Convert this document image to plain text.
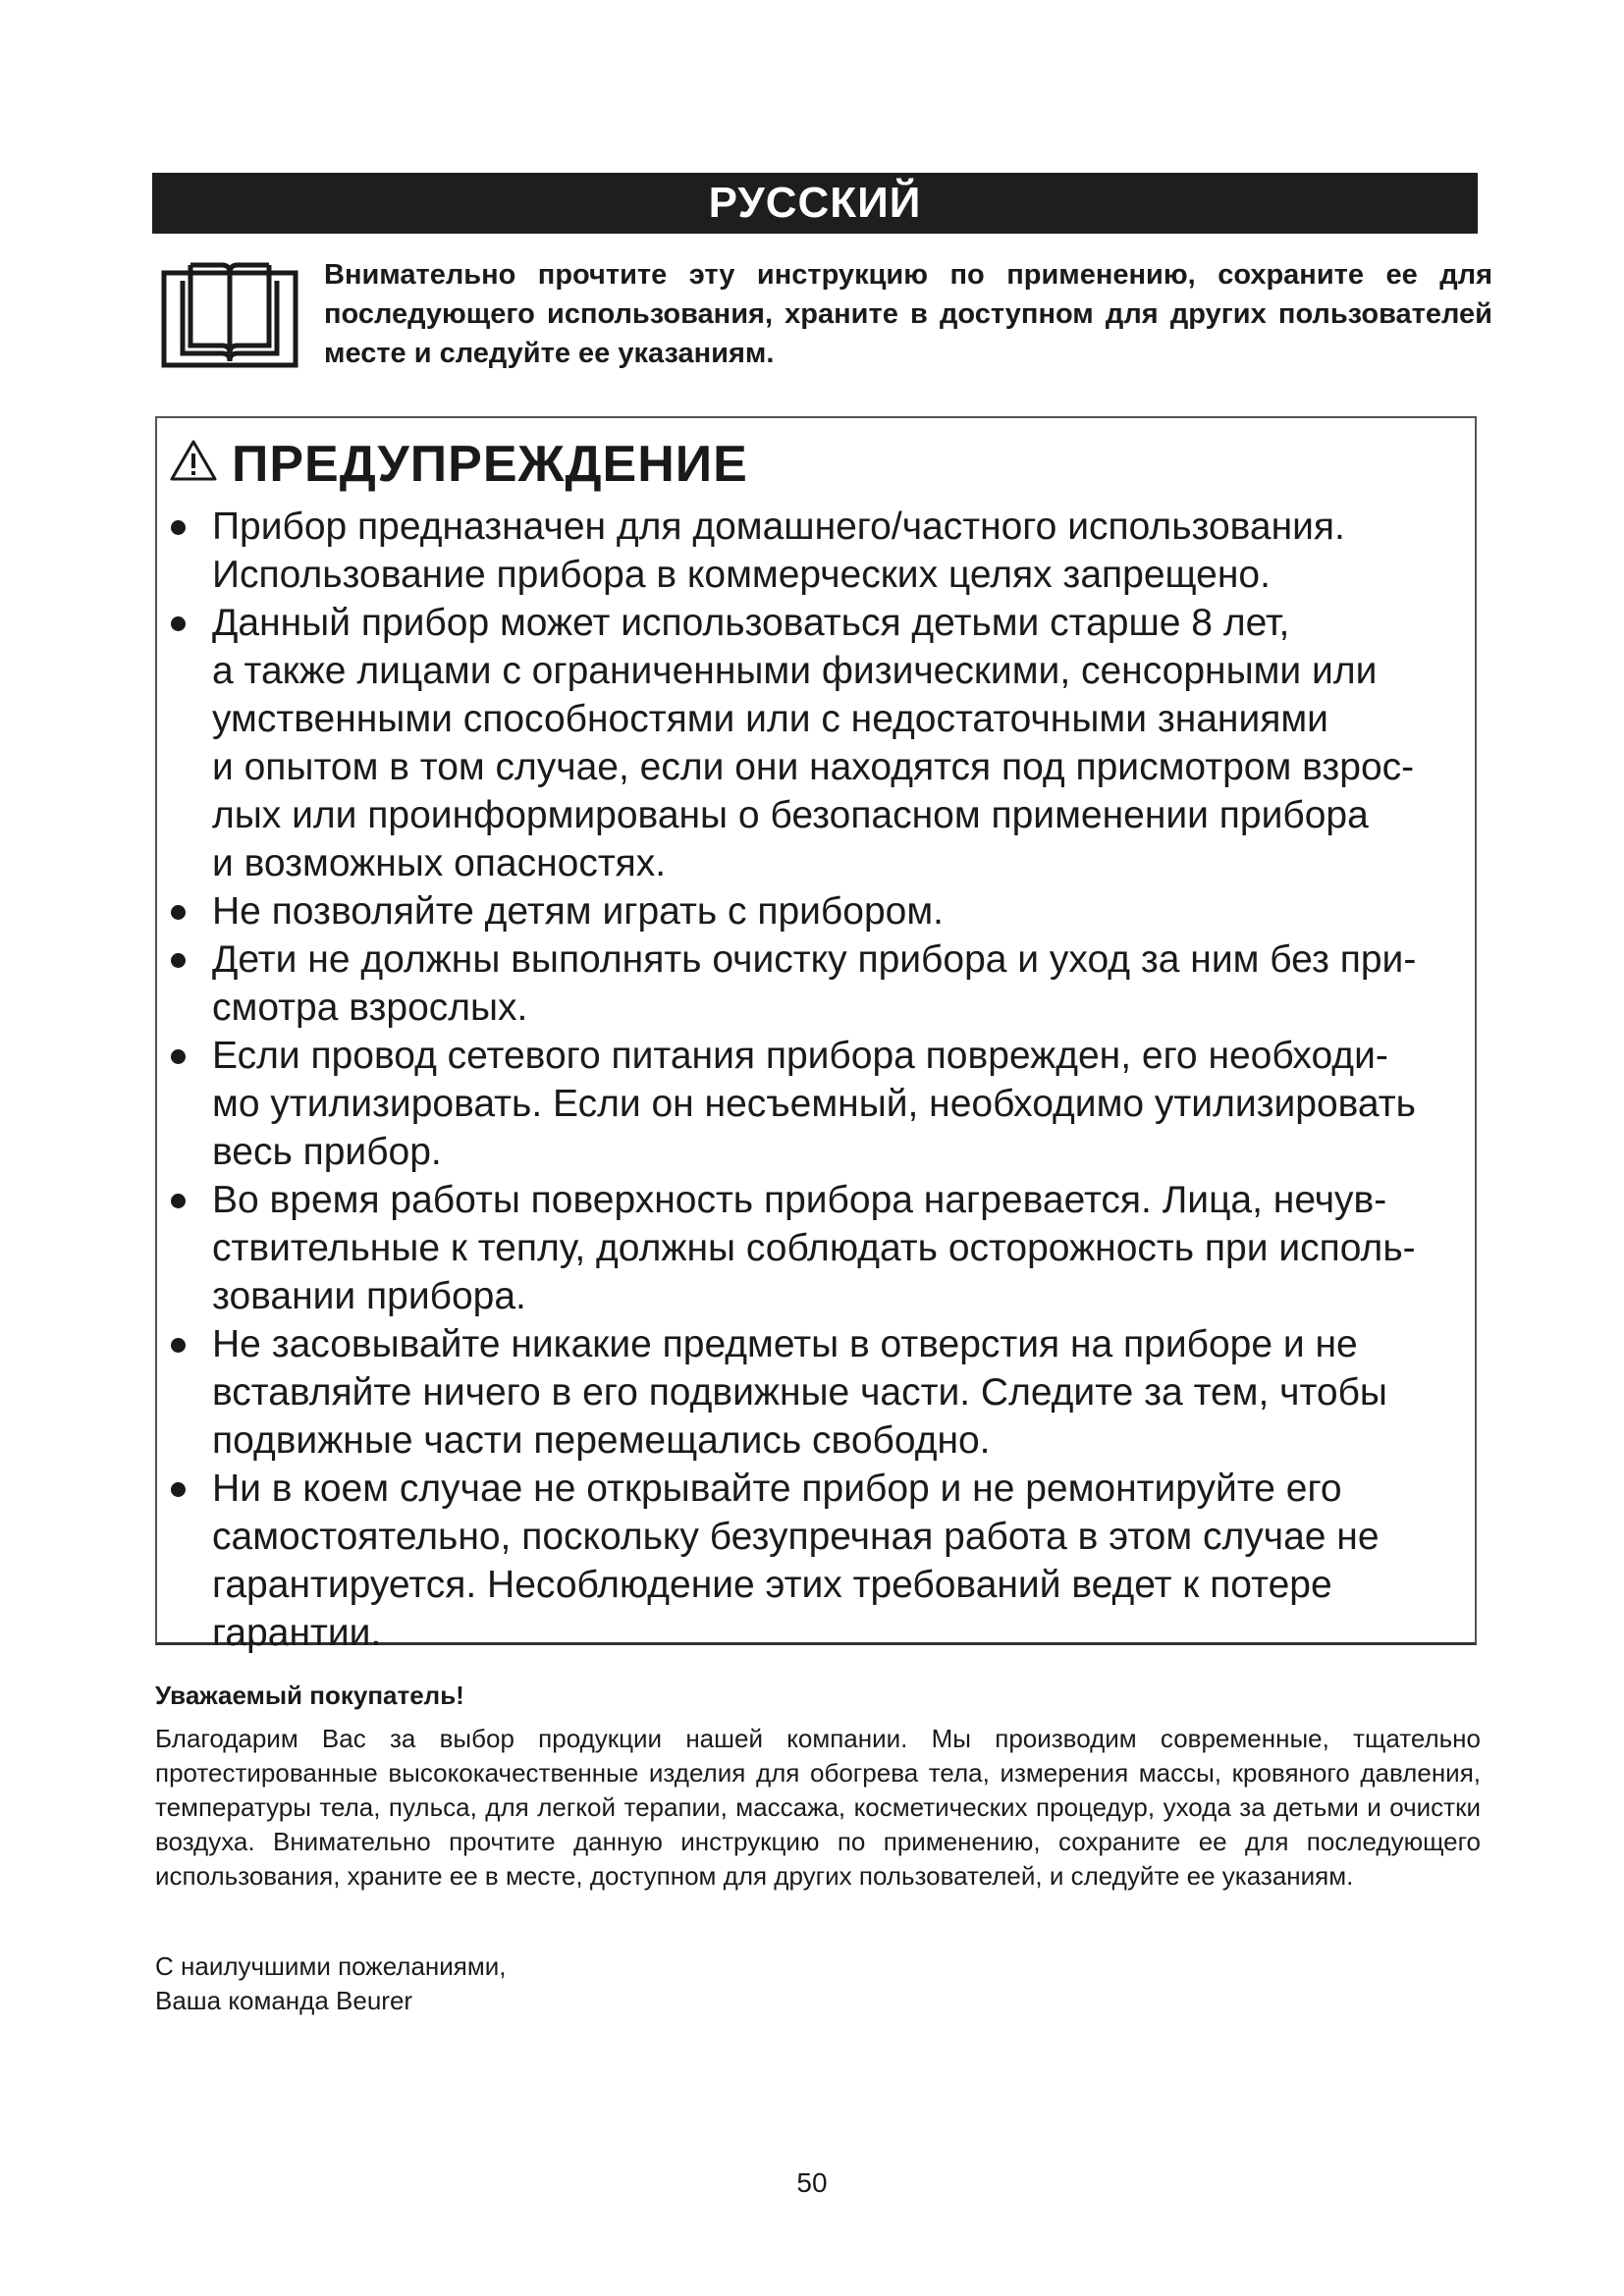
РУССКИЙ
Внимательно прочтите эту инструкцию по применению, сохраните ее для последующего использования, храните в доступном для других пользователей месте и следуйте ее указаниям.
ПРЕДУПРЕЖДЕНИЕ
Прибор предназначен для домашнего/частного использования.
Использование прибора в коммерческих целях запрещено.
Данный прибор может использоваться детьми старше 8 лет,
а также лицами с ограниченными физическими, сенсорными или
умственными способностями или с недостаточными знаниями
и опытом в том случае, если они находятся под присмотром взрос-
лых или проинформированы о безопасном применении прибора
и возможных опасностях.
Не позволяйте детям играть с прибором.
Дети не должны выполнять очистку прибора и уход за ним без при-
смотра взрослых.
Если провод сетевого питания прибора поврежден, его необходи-
мо утилизировать. Если он несъемный, необходимо утилизировать
весь прибор.
Во время работы поверхность прибора нагревается. Лица, нечув-
ствительные к теплу, должны соблюдать осторожность при исполь-
зовании прибора.
Не засовывайте никакие предметы в отверстия на приборе и не
вставляйте ничего в его подвижные части. Следите за тем, чтобы
подвижные части перемещались свободно.
Ни в коем случае не открывайте прибор и не ремонтируйте его
самостоятельно, поскольку безупречная работа в этом случае не
гарантируется. Несоблюдение этих требований ведет к потере
гарантии.
Уважаемый покупатель!
Благодарим Вас за выбор продукции нашей компании. Мы производим современные, тщательно протестированные высококачественные изделия для обогрева тела, измерения массы, кровяного давления, температуры тела, пульса, для легкой терапии, массажа, косметических процедур, ухода за детьми и очистки воздуха. Внимательно прочтите данную инструкцию по применению, сохраните ее для последующего использования, храните ее в месте, доступном для других пользователей, и следуйте ее указаниям.
С наилучшими пожеланиями,
Ваша команда Beurer
50
